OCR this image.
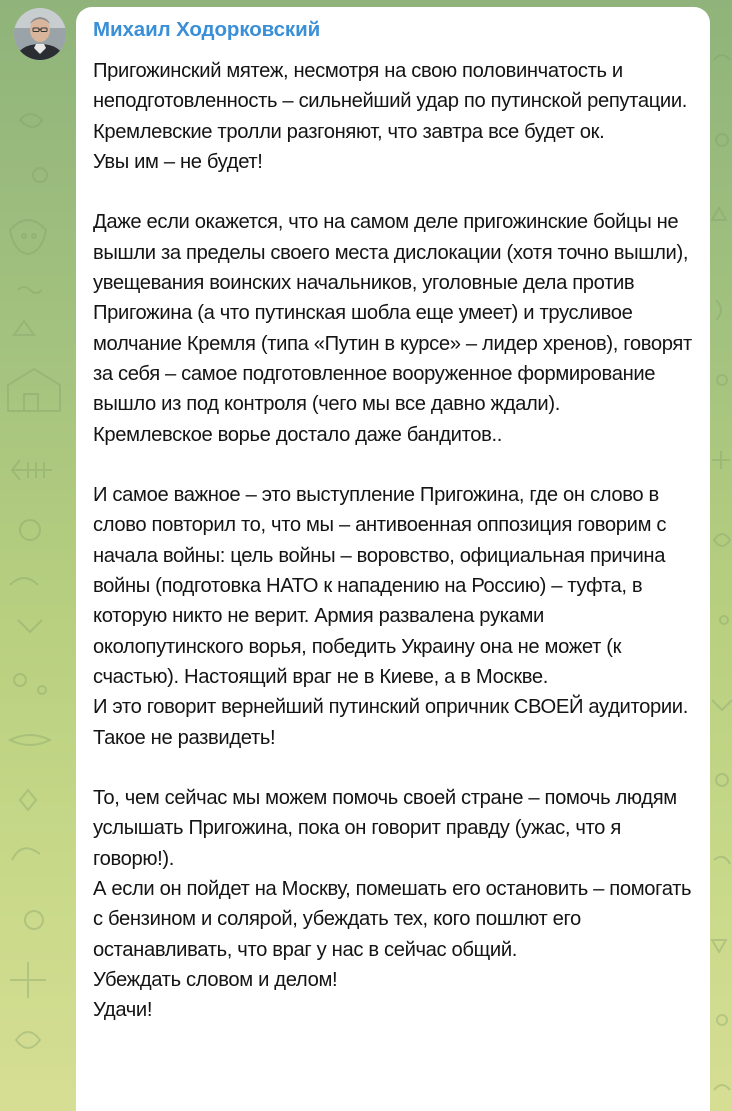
Михаил Ходорковский

Пригожинский мятеж, несмотря на свою половинчатость и неподготовленность – сильнейший удар по путинской репутации.
Кремлевские тролли разгоняют, что завтра все будет ок.
Увы им – не будет!

Даже если окажется, что на самом деле пригожинские бойцы не вышли за пределы своего места дислокации (хотя точно вышли), увещевания воинских начальников, уголовные дела против Пригожина (а что путинская шобла еще умеет) и трусливое молчание Кремля (типа «Путин в курсе» – лидер хренов), говорят за себя – самое подготовленное вооруженное формирование вышло из под контроля (чего мы все давно ждали).
Кремлевское ворье достало даже бандитов..

И самое важное – это выступление Пригожина, где он слово в слово повторил то, что мы – антивоенная оппозиция говорим с начала войны: цель войны – воровство, официальная причина войны (подготовка НАТО к нападению на Россию) – туфта, в которую никто не верит. Армия развалена руками околопутинского ворья, победить Украину она не может (к счастью). Настоящий враг не в Киеве, а в Москве.
И это говорит вернейший путинский опричник СВОЕЙ аудитории.
Такое не развидеть!

То, чем сейчас мы можем помочь своей стране – помочь людям услышать Пригожина, пока он говорит правду (ужас, что я говорю!).
А если он пойдет на Москву, помешать его остановить – помогать с бензином и солярой, убеждать тех, кого пошлют его останавливать, что враг у нас в сейчас общий.
Убеждать словом и делом!
Удачи!
